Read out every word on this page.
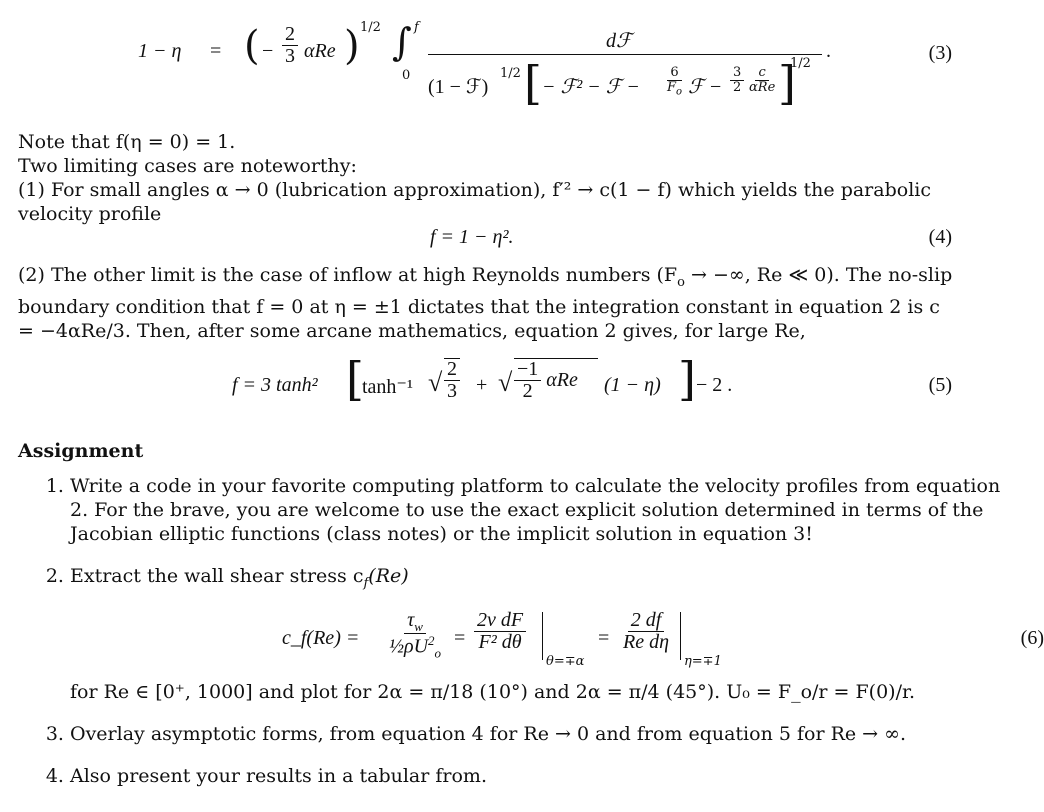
1 − η = ( − $\frac{2}{3}$ αRe ) 1/2 ∫ f
0
dℱ
(1 − ℱ)
1/2 [ − ℱ² − ℱ − $\frac{6}{F_o}$ ℱ − $\frac{3}{2} \frac{c}{\text{αRe}}$ ]
1/2
.	(3)
Note that f(η = 0) = 1.
Two limiting cases are noteworthy:
(1) For small angles α → 0 (lubrication approximation), f′² → c(1 − f) which yields the parabolic velocity profile
f = 1 − η².	(4)
(2) The other limit is the case of inflow at high Reynolds numbers ($F_o$ → −∞, Re ≪ 0). The no-slip boundary condition that f = 0 at η = ±1 dictates that the integration constant in equation 2 is c = −4αRe/3. Then, after some arcane mathematics, equation 2 gives, for large Re,
f = 3 tanh² [
tanh⁻¹ √ $\frac{2}{3}$ + √ $\frac{-1}{2}$ αRe	(1 − η) ] − 2 .	(5)
Assignment
1. Write a code in your favorite computing platform to calculate the velocity profiles from equation 2. For the brave, you are welcome to use the exact explicit solution determined in terms of the Jacobian elliptic functions (class notes) or the implicit solution in equation 3!
2. Extract the wall shear stress $c_f(Re)$
c_f(Re) = $\frac{\tau_w}{\frac{1}{2}\rho U^2_o} = \frac{\text{2ν dF}}{\text{F² dθ}}$
θ=∓α
= $\frac{2 df}{\text{Re dη}}$
η=∓1
(6)
for Re ∈ [0⁺, 1000] and plot for 2α = π/18 (10°) and 2α = π/4 (45°). U₀ = F_o/r = F(0)/r.
3. Overlay asymptotic forms, from equation 4 for Re → 0 and from equation 5 for Re → ∞.
4. Also present your results in a tabular from.
